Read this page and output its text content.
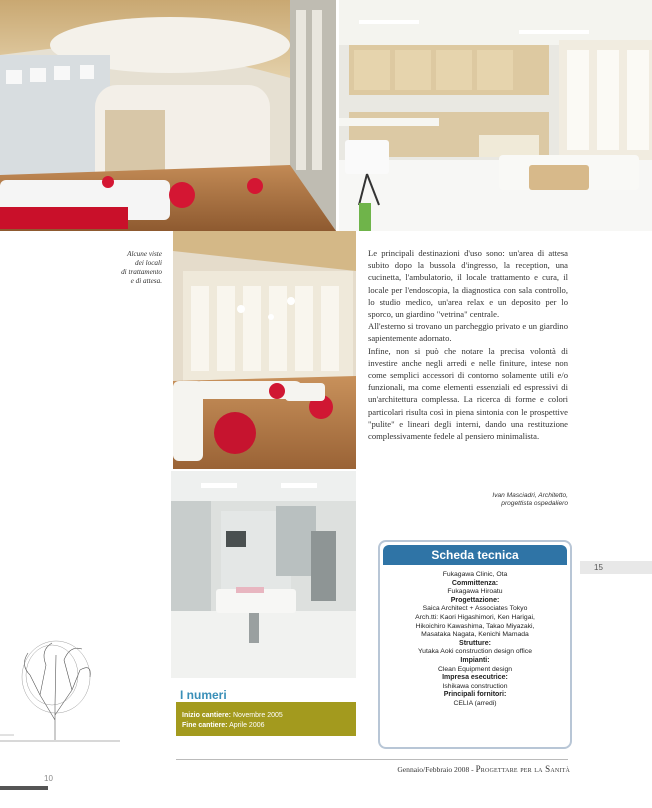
Alcune viste
dei locali
di trattamento
e di attesa.

Le principali destinazioni d'uso sono: un'area di attesa subito dopo la bussola d'ingresso, la reception, una cucinetta, l'ambulatorio, il locale trattamento e cura, il locale per l'endoscopia, la diagnostica con sala controllo, lo studio medico, un'area relax e un deposito per lo sporco, un giardino "vetrina" centrale.

All'esterno si trovano un parcheggio privato e un giardino sapientemente adornato.

Infine, non si può che notare la precisa volontà di investire anche negli arredi e nelle finiture, intese non come semplici accessori di contorno solamente utili e/o funzionali, ma come elementi essenziali ed espressivi di un'architettura complessa. La ricerca di forme e colori particolari risulta così in piena sintonia con le prospettive "pulite" e lineari degli interni, dando una restituzione complessivamente fedele al pensiero minimalista.

Ivan Masciadri, Architetto,
progettista ospedaliero
Scheda tecnica
Fukagawa Clinic, Ota
Committenza:
Fukagawa Hiroatu
Progettazione:
Saica Architect + Associates Tokyo
Arch.tti: Kaori Higashimori, Ken Harigai,
Hikoichiro Kawashima, Takao Miyazaki,
Masataka Nagata, Kenichi Mamada
Strutture:
Yutaka Aoki construction design office
Impianti:
Clean Equipment design
Impresa esecutrice:
Ishikawa construction
Principali fornitori:
CELIA (arredi)
15
I numeri
Inizio cantiere: Novembre 2005
Fine cantiere: Aprile 2006
Gennaio/Febbraio 2008 - Progettare per la Sanità
10
